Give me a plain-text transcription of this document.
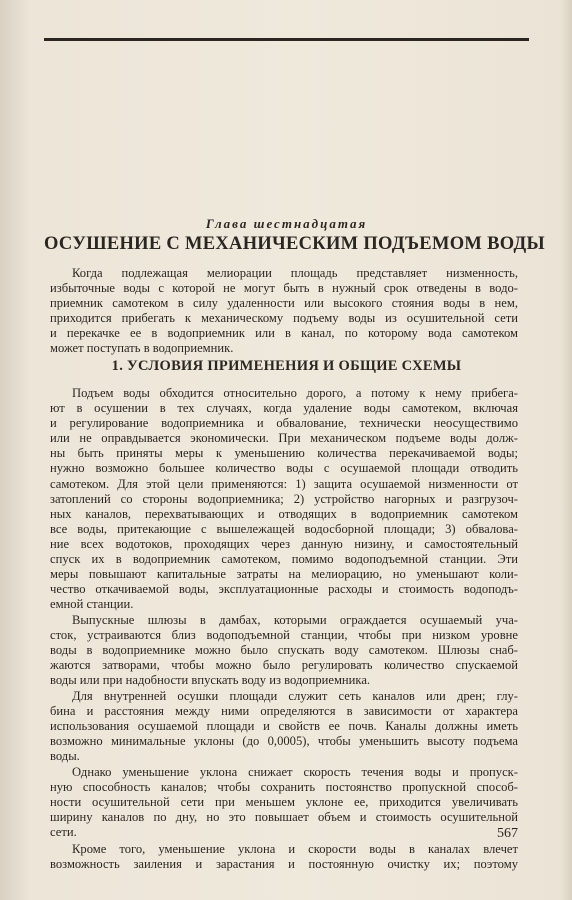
Глава шестнадцатая
ОСУШЕНИЕ С МЕХАНИЧЕСКИМ ПОДЪЕМОМ ВОДЫ
Когда подлежащая мелиорации площадь представляет низменность,
избыточные воды с которой не могут быть в нужный срок отведены в водо-
приемник самотеком в силу удаленности или высокого стояния воды в нем,
приходится прибегать к механическому подъему воды из осушительной сети
и перекачке ее в водоприемник или в канал, по которому вода самотеком
может поступать в водоприемник.
1. УСЛОВИЯ ПРИМЕНЕНИЯ И ОБЩИЕ СХЕМЫ
Подъем воды обходится относительно дорого, а потому к нему прибега-
ют в осушении в тех случаях, когда удаление воды самотеком, включая
и регулирование водоприемника и обвалование, технически неосуществимо
или не оправдывается экономически. При механическом подъеме воды долж-
ны быть приняты меры к уменьшению количества перекачиваемой воды;
нужно возможно большее количество воды с осушаемой площади отводить
самотеком. Для этой цели применяются: 1) защита осушаемой низменности от
затоплений со стороны водоприемника; 2) устройство нагорных и разгрузоч-
ных каналов, перехватывающих и отводящих в водоприемник самотеком
все воды, притекающие с вышележащей водосборной площади; 3) обвалова-
ние всех водотоков, проходящих через данную низину, и самостоятельный
спуск их в водоприемник самотеком, помимо водоподъемной станции. Эти
меры повышают капитальные затраты на мелиорацию, но уменьшают коли-
чество откачиваемой воды, эксплуатационные расходы и стоимость водоподъ-
емной станции.
Выпускные шлюзы в дамбах, которыми ограждается осушаемый уча-
сток, устраиваются близ водоподъемной станции, чтобы при низком уровне
воды в водоприемнике можно было спускать воду самотеком. Шлюзы снаб-
жаются затворами, чтобы можно было регулировать количество спускаемой
воды или при надобности впускать воду из водоприемника.
Для внутренней осушки площади служит сеть каналов или дрен; глу-
бина и расстояния между ними определяются в зависимости от характера
использования осушаемой площади и свойств ее почв. Каналы должны иметь
возможно минимальные уклоны (до 0,0005), чтобы уменьшить высоту подъема
воды.
Однако уменьшение уклона снижает скорость течения воды и пропуск-
ную способность каналов; чтобы сохранить постоянство пропускной способ-
ности осушительной сети при меньшем уклоне ее, приходится увеличивать
ширину каналов по дну, но это повышает объем и стоимость осушительной
сети.
Кроме того, уменьшение уклона и скорости воды в каналах влечет
возможность заиления и зарастания и постоянную очистку их; поэтому
567
